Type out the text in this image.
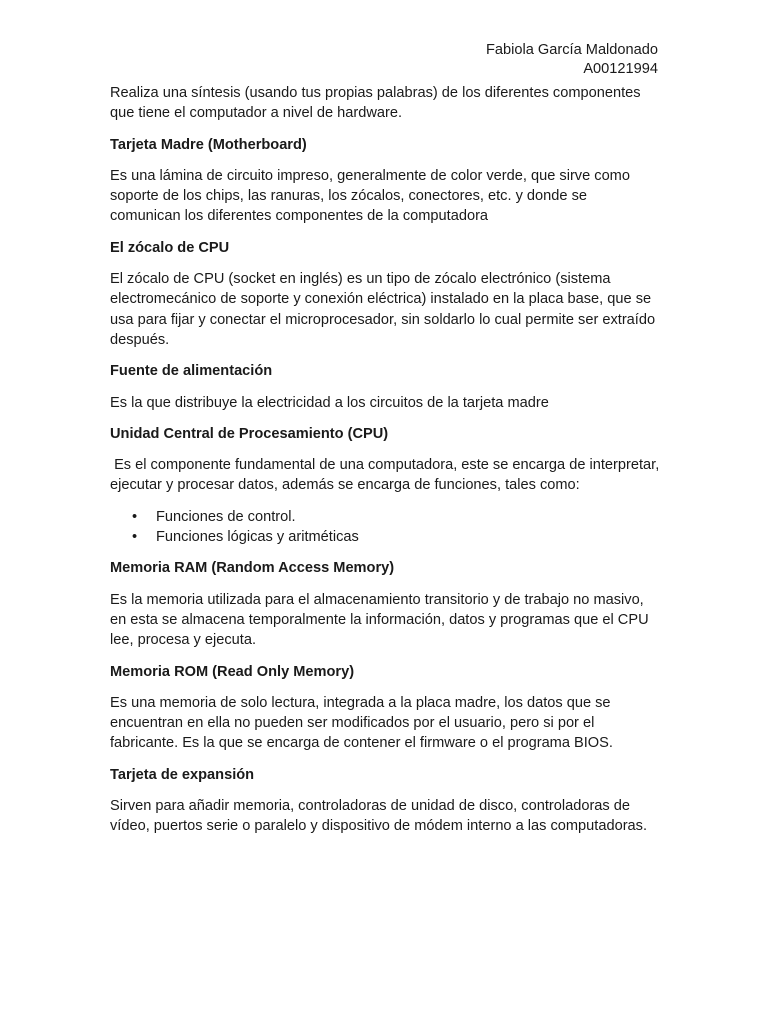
Fabiola García Maldonado
A00121994

Realiza una síntesis (usando tus propias palabras) de los diferentes componentes que tiene el computador a nivel de hardware.

Tarjeta Madre (Motherboard)

Es una lámina de circuito impreso, generalmente de color verde, que sirve como soporte de los chips, las ranuras, los zócalos, conectores, etc. y donde se comunican los diferentes componentes de la computadora

El zócalo de CPU

El zócalo de CPU (socket en inglés) es un tipo de zócalo electrónico (sistema electromecánico de soporte y conexión eléctrica) instalado en la placa base, que se usa para fijar y conectar el microprocesador, sin soldarlo lo cual permite ser extraído después.

Fuente de alimentación

Es la que distribuye la electricidad a los circuitos de la tarjeta madre

Unidad Central de Procesamiento (CPU)

Es el componente fundamental de una computadora, este se encarga de interpretar, ejecutar y procesar datos, además se encarga de funciones, tales como:

• Funciones de control.
• Funciones lógicas y aritméticas
Memoria RAM (Random Access Memory)

Es la memoria utilizada para el almacenamiento transitorio y de trabajo no masivo, en esta se almacena temporalmente la información, datos y programas que el CPU lee, procesa y ejecuta.

Memoria ROM (Read Only Memory)

Es una memoria de solo lectura, integrada a la placa madre, los datos que se encuentran en ella no pueden ser modificados por el usuario, pero si por el fabricante. Es la que se encarga de contener el firmware o el programa BIOS.

Tarjeta de expansión

Sirven para añadir memoria, controladoras de unidad de disco, controladoras de vídeo, puertos serie o paralelo y dispositivo de módem interno a las computadoras.
